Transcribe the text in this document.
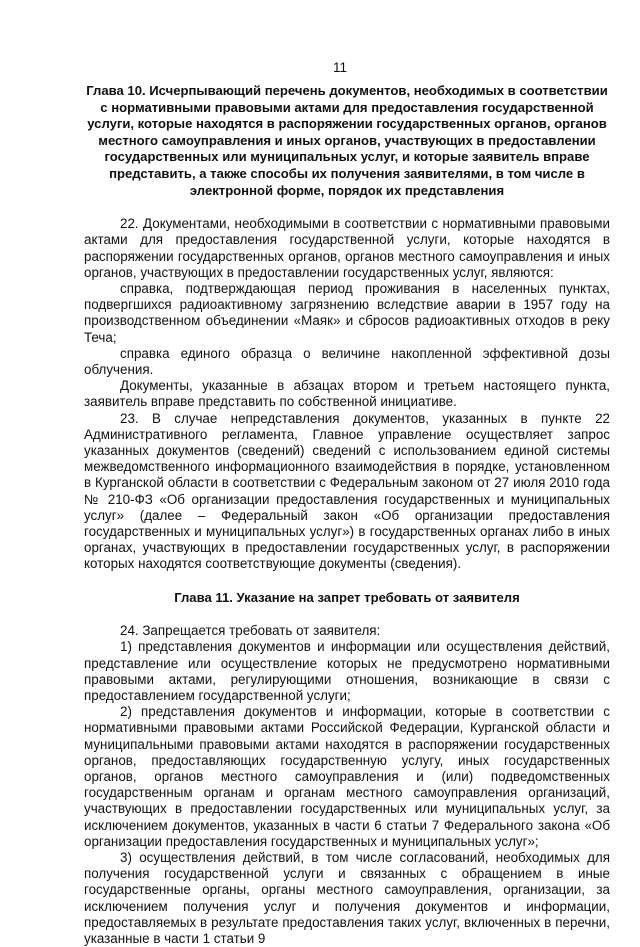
11
Глава 10. Исчерпывающий перечень документов, необходимых в соответствии с нормативными правовыми актами для предоставления государственной услуги, которые находятся в распоряжении государственных органов, органов местного самоуправления и иных органов, участвующих в предоставлении государственных или муниципальных услуг, и которые заявитель вправе представить, а также способы их получения заявителями, в том числе в электронной форме, порядок их представления

22. Документами, необходимыми в соответствии с нормативными правовыми актами для предоставления государственной услуги, которые находятся в распоряжении государственных органов, органов местного самоуправления и иных органов, участвующих в предоставлении государственных услуг, являются:

справка, подтверждающая период проживания в населенных пунктах, подвергшихся радиоактивному загрязнению вследствие аварии в 1957 году на производственном объединении «Маяк» и сбросов радиоактивных отходов в реку Теча;

справка единого образца о величине накопленной эффективной дозы облучения.

Документы, указанные в абзацах втором и третьем настоящего пункта, заявитель вправе представить по собственной инициативе.

23. В случае непредставления документов, указанных в пункте 22 Административного регламента, Главное управление осуществляет запрос указанных документов (сведений) сведений с использованием единой системы межведомственного информационного взаимодействия в порядке, установленном в Курганской области в соответствии с Федеральным законом от 27 июля 2010 года № 210-ФЗ «Об организации предоставления государственных и муниципальных услуг» (далее – Федеральный закон «Об организации предоставления государственных и муниципальных услуг») в государственных органах либо в иных органах, участвующих в предоставлении государственных услуг, в распоряжении которых находятся соответствующие документы (сведения).

Глава 11. Указание на запрет требовать от заявителя

24. Запрещается требовать от заявителя:

1) представления документов и информации или осуществления действий, представление или осуществление которых не предусмотрено нормативными правовыми актами, регулирующими отношения, возникающие в связи с предоставлением государственной услуги;

2) представления документов и информации, которые в соответствии с нормативными правовыми актами Российской Федерации, Курганской области и муниципальными правовыми актами находятся в распоряжении государственных органов, предоставляющих государственную услугу, иных государственных органов, органов местного самоуправления и (или) подведомственных государственным органам и органам местного самоуправления организаций, участвующих в предоставлении государственных или муниципальных услуг, за исключением документов, указанных в части 6 статьи 7 Федерального закона «Об организации предоставления государственных и муниципальных услуг»;

3) осуществления действий, в том числе согласований, необходимых для получения государственной услуги и связанных с обращением в иные государственные органы, органы местного самоуправления, организации, за исключением получения услуг и получения документов и информации, предоставляемых в результате предоставления таких услуг, включенных в перечни, указанные в части 1 статьи 9
